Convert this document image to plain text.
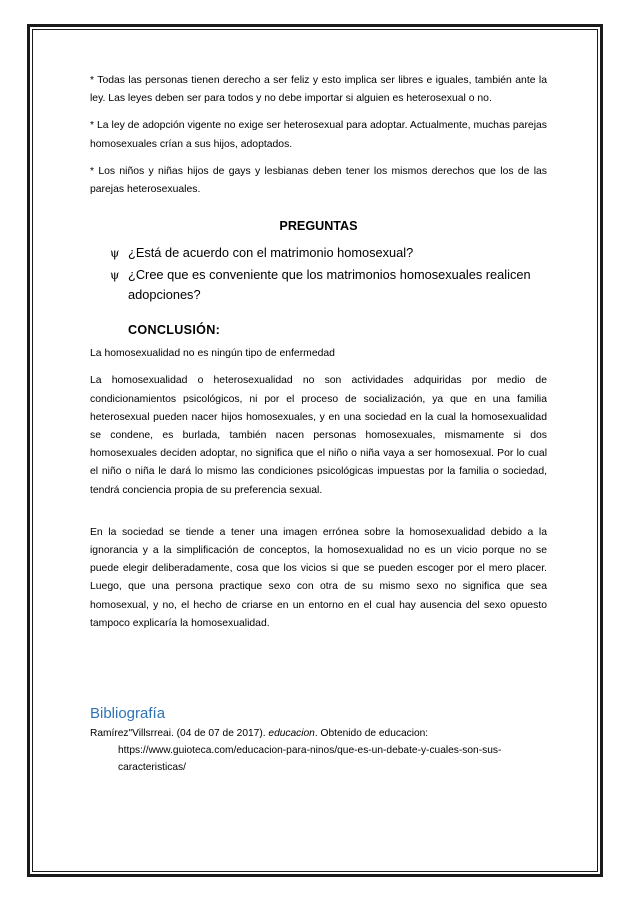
* Todas las personas tienen derecho a ser feliz y esto implica ser libres e iguales, también ante la ley. Las leyes deben ser para todos y no debe importar si alguien es heterosexual o no.

* La ley de adopción vigente no exige ser heterosexual para adoptar. Actualmente, muchas parejas homosexuales crían a sus hijos, adoptados.

* Los niños y niñas hijos de gays y lesbianas deben tener los mismos derechos que los de las parejas heterosexuales.

PREGUNTAS
ψ ¿Está de acuerdo con el matrimonio homosexual?
ψ ¿Cree que es conveniente que los matrimonios homosexuales realicen adopciones?
CONCLUSIÓN:

La homosexualidad no es ningún tipo de enfermedad

La homosexualidad o heterosexualidad no son actividades adquiridas por medio de condicionamientos psicológicos, ni por el proceso de socialización, ya que en una familia heterosexual pueden nacer hijos homosexuales, y en una sociedad en la cual la homosexualidad se condene, es burlada, también nacen personas homosexuales, mismamente si dos homosexuales deciden adoptar, no significa que el niño o niña vaya a ser homosexual. Por lo cual el niño o niña le dará lo mismo las condiciones psicológicas impuestas por la familia o sociedad, tendrá conciencia propia de su preferencia sexual.

En la sociedad se tiende a tener una imagen errónea sobre la homosexualidad debido a la ignorancia y a la simplificación de conceptos, la homosexualidad no es un vicio porque no se puede elegir deliberadamente, cosa que los vicios si que se pueden escoger por el mero placer. Luego, que una persona practique sexo con otra de su mismo sexo no significa que sea homosexual, y no, el hecho de criarse en un entorno en el cual hay ausencia del sexo opuesto tampoco explicaría la homosexualidad.

Bibliografía

Ramírez"Villsrreai. (04 de 07 de 2017). educacion. Obtenido de educacion:

https://www.guioteca.com/educacion-para-ninos/que-es-un-debate-y-cuales-son-sus-caracteristicas/
